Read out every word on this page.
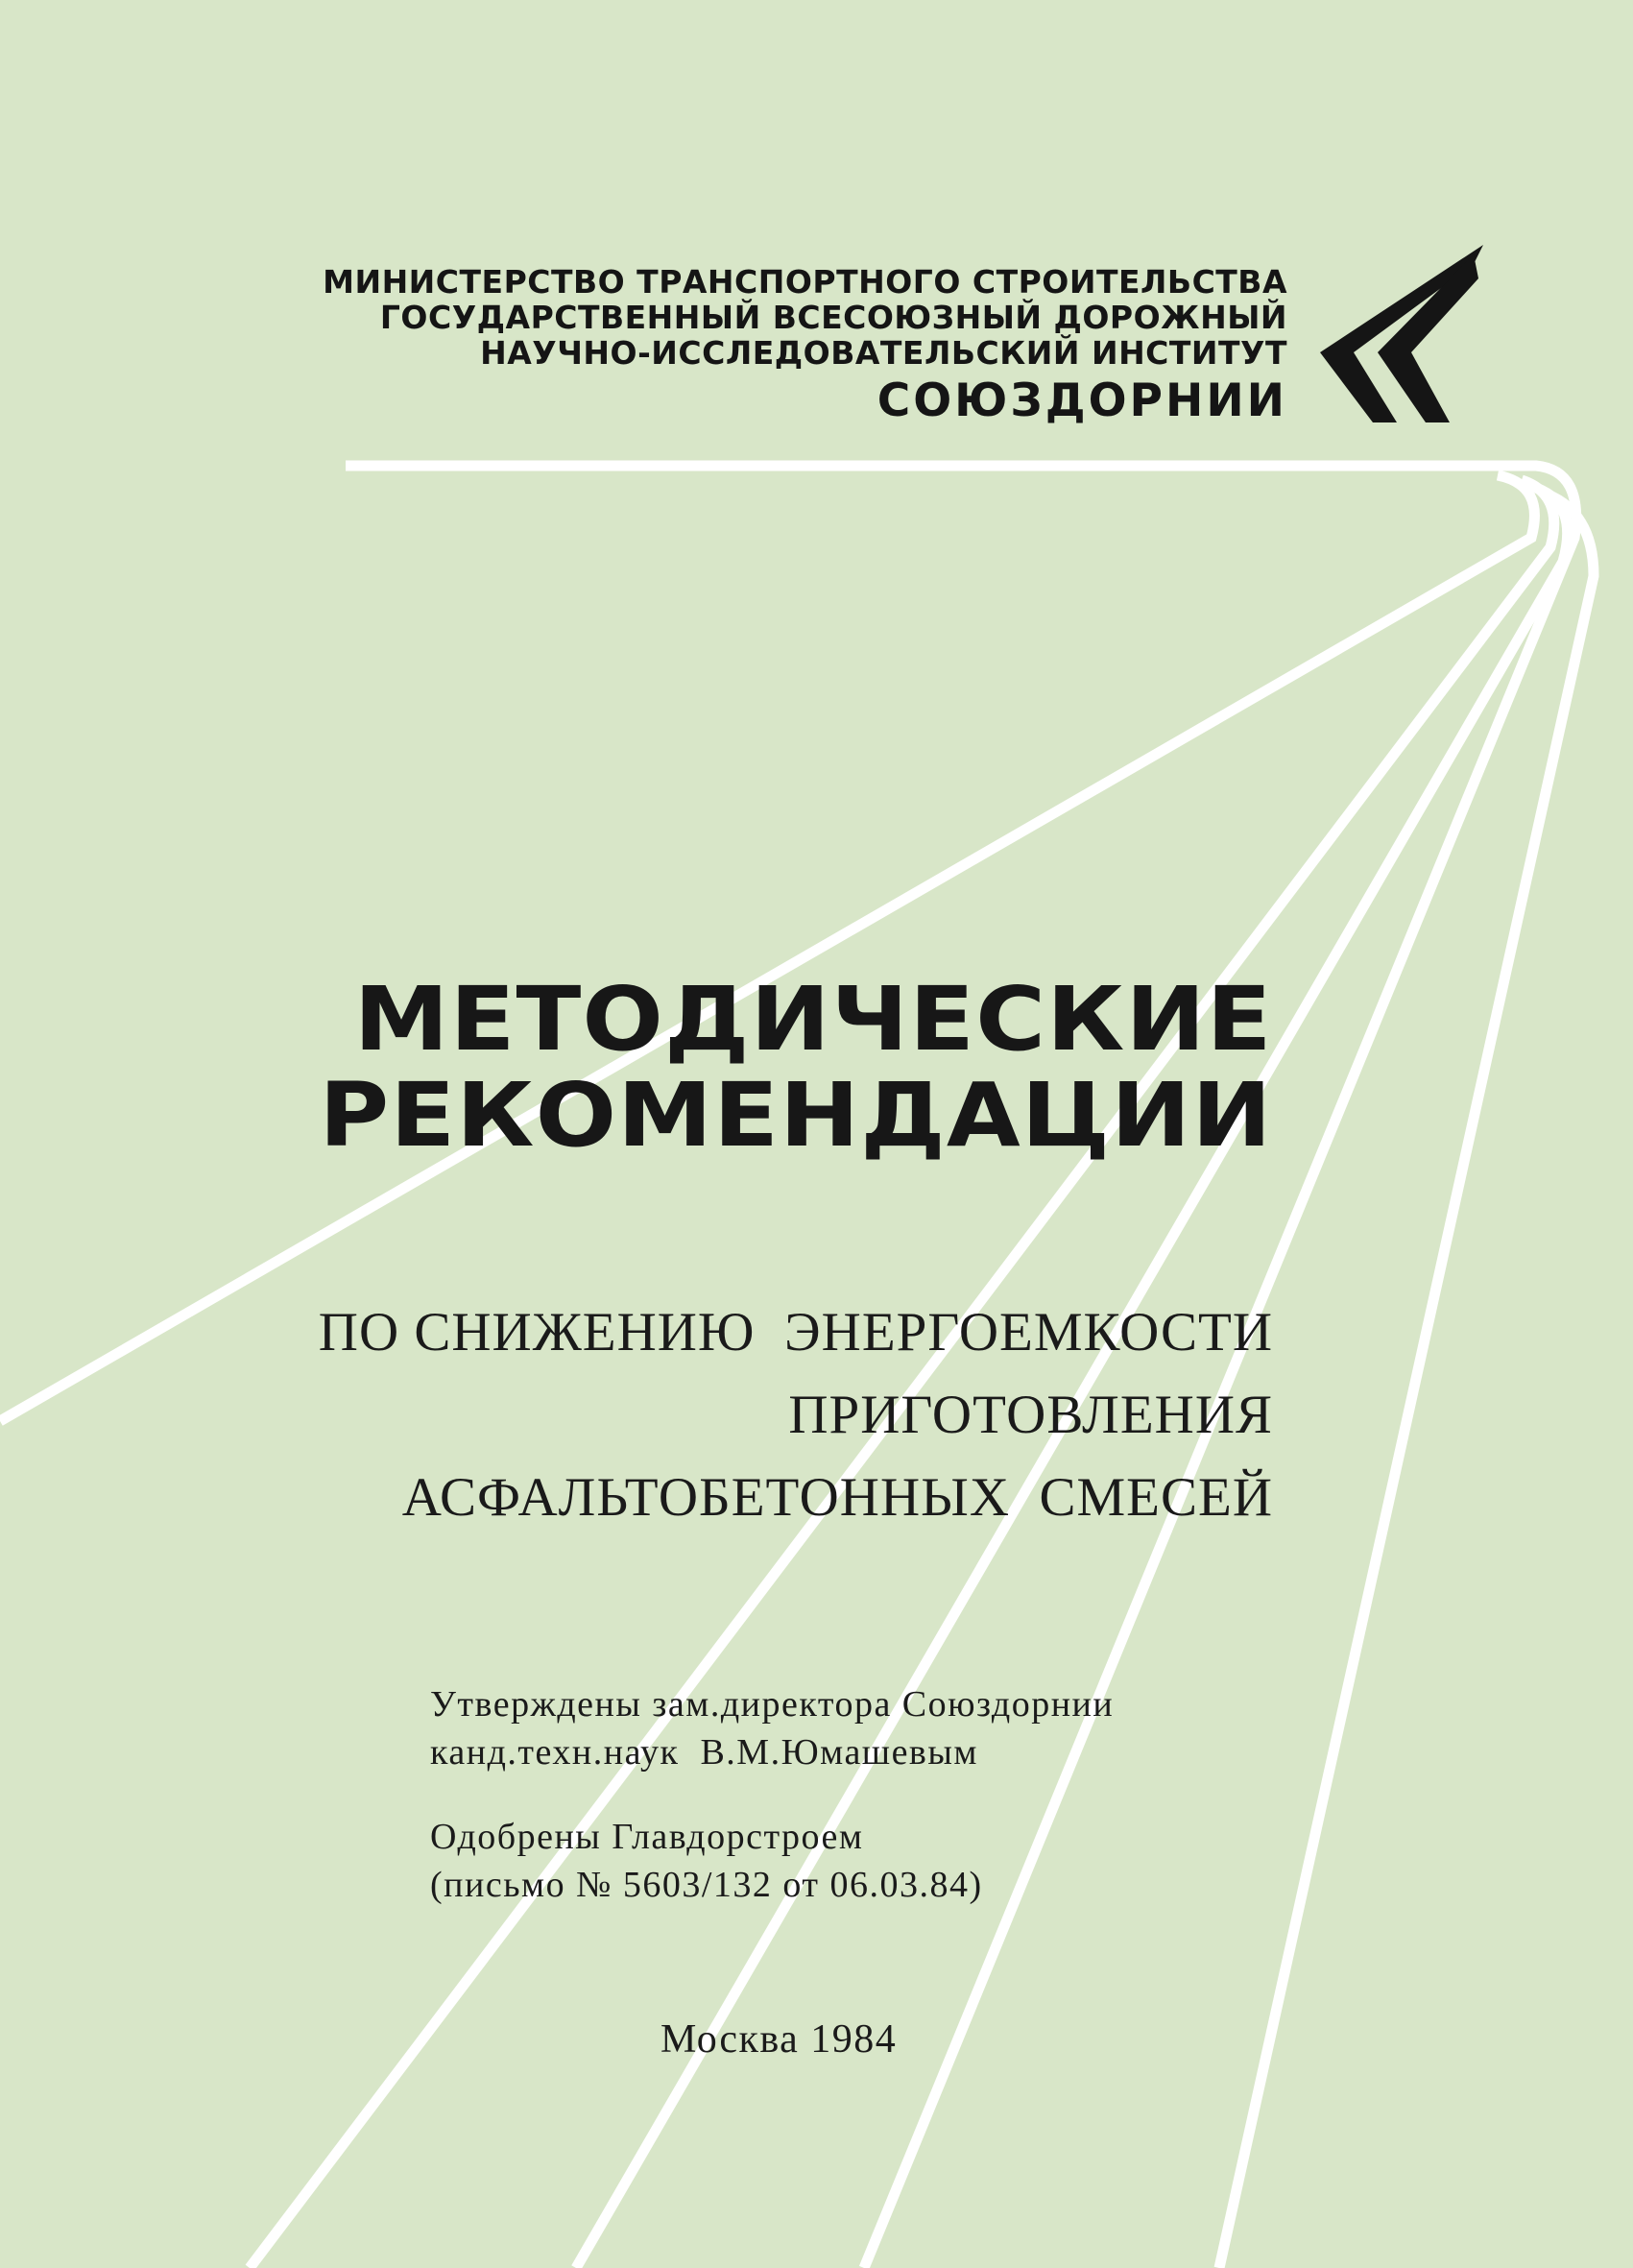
МИНИСТЕРСТВО ТРАНСПОРТНОГО СТРОИТЕЛЬСТВА
ГОСУДАРСТВЕННЫЙ ВСЕСОЮЗНЫЙ ДОРОЖНЫЙ
НАУЧНО-ИССЛЕДОВАТЕЛЬСКИЙ ИНСТИТУТ
СОЮЗДОРНИИ
МЕТОДИЧЕСКИЕ
РЕКОМЕНДАЦИИ
ПО СНИЖЕНИЮ  ЭНЕРГОЕМКОСТИ
ПРИГОТОВЛЕНИЯ
АСФАЛЬТОБЕТОННЫХ  СМЕСЕЙ
Утверждены зам.директора Союздорнии
канд.техн.наук  В.М.Юмашевым
Одобрены Главдорстроем
(письмо № 5603/132 от 06.03.84)
Москва 1984
